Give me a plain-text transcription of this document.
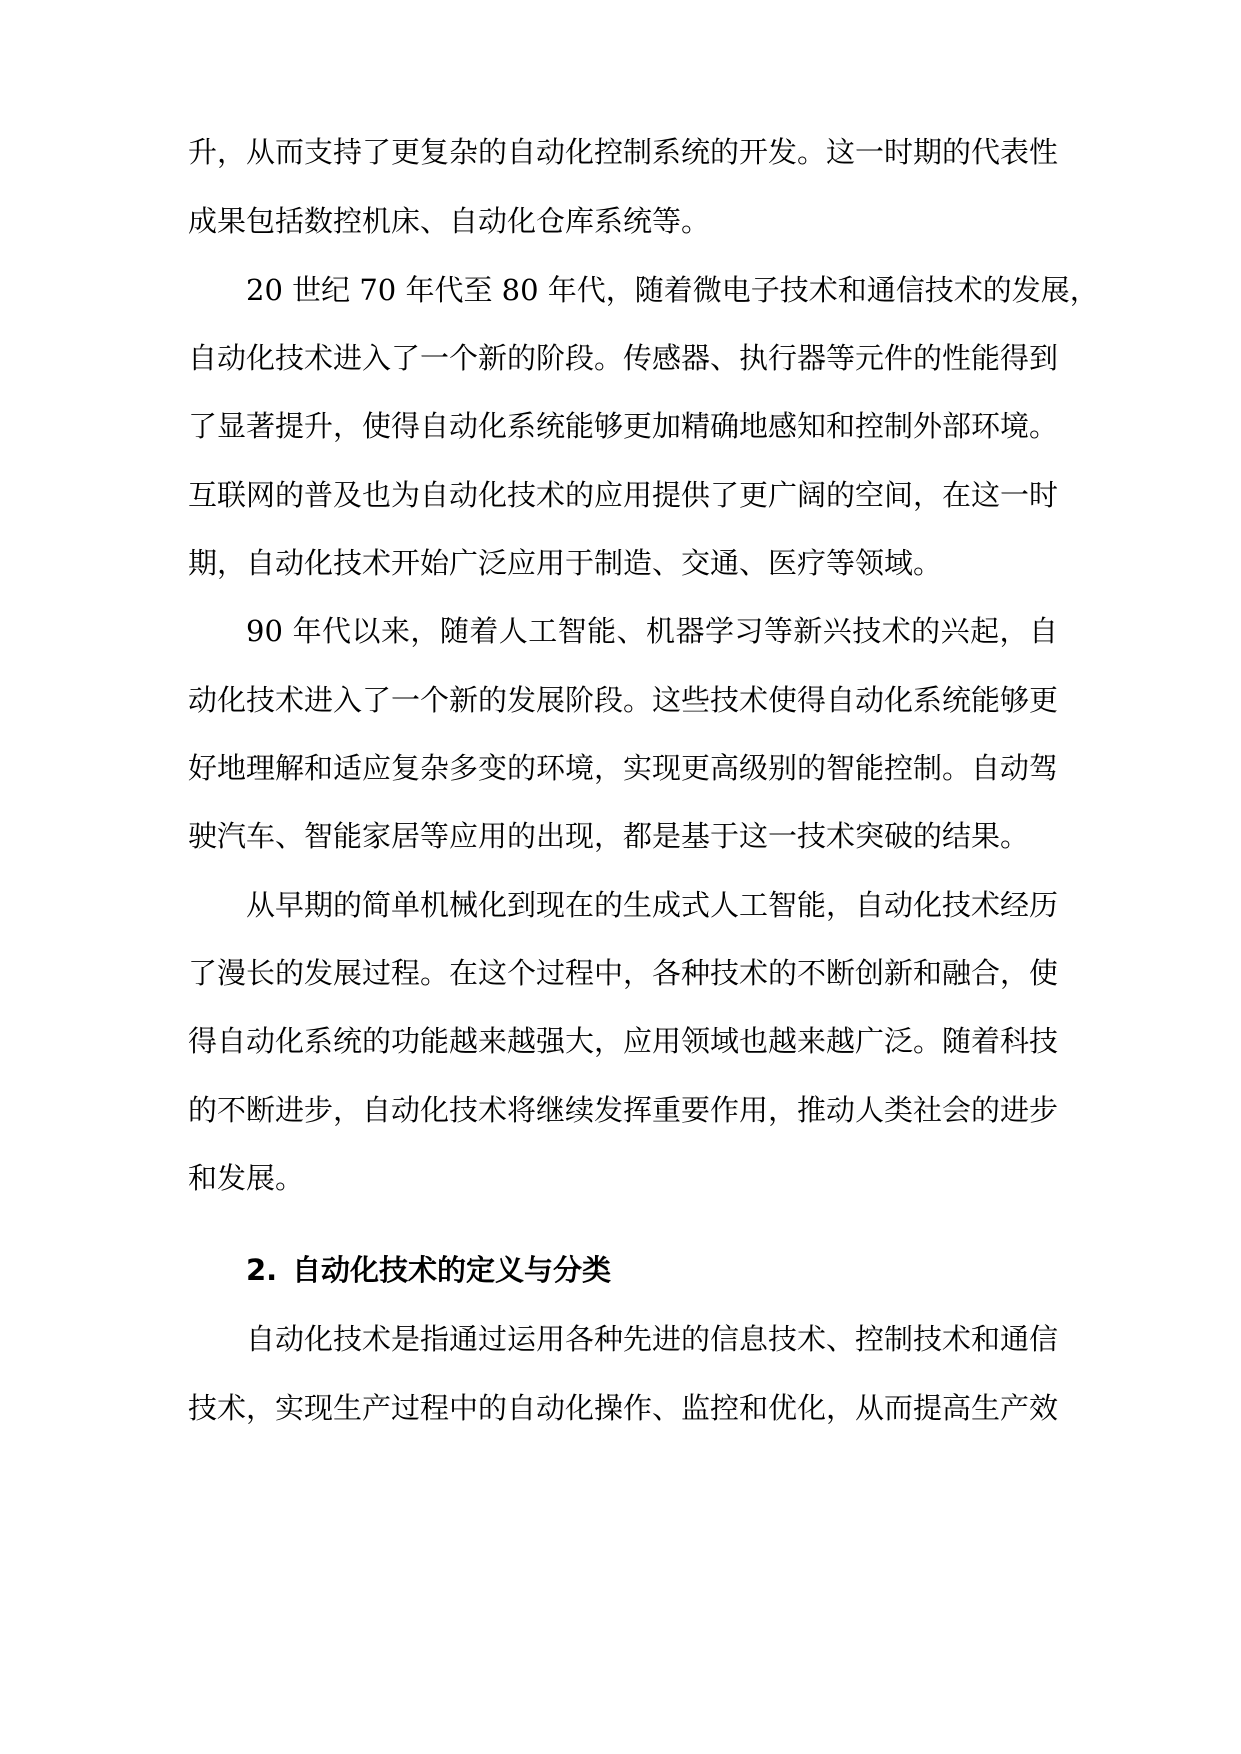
升，从而支持了更复杂的自动化控制系统的开发。这一时期的代表性
成果包括数控机床、自动化仓库系统等。
20 世纪 70 年代至 80 年代，随着微电子技术和通信技术的发展，
自动化技术进入了一个新的阶段。传感器、执行器等元件的性能得到
了显著提升，使得自动化系统能够更加精确地感知和控制外部环境。
互联网的普及也为自动化技术的应用提供了更广阔的空间，在这一时
期，自动化技术开始广泛应用于制造、交通、医疗等领域。
90 年代以来，随着人工智能、机器学习等新兴技术的兴起，自
动化技术进入了一个新的发展阶段。这些技术使得自动化系统能够更
好地理解和适应复杂多变的环境，实现更高级别的智能控制。自动驾
驶汽车、智能家居等应用的出现，都是基于这一技术突破的结果。
从早期的简单机械化到现在的生成式人工智能，自动化技术经历
了漫长的发展过程。在这个过程中，各种技术的不断创新和融合，使
得自动化系统的功能越来越强大，应用领域也越来越广泛。随着科技
的不断进步，自动化技术将继续发挥重要作用，推动人类社会的进步
和发展。
2. 自动化技术的定义与分类
自动化技术是指通过运用各种先进的信息技术、控制技术和通信
技术，实现生产过程中的自动化操作、监控和优化，从而提高生产效
